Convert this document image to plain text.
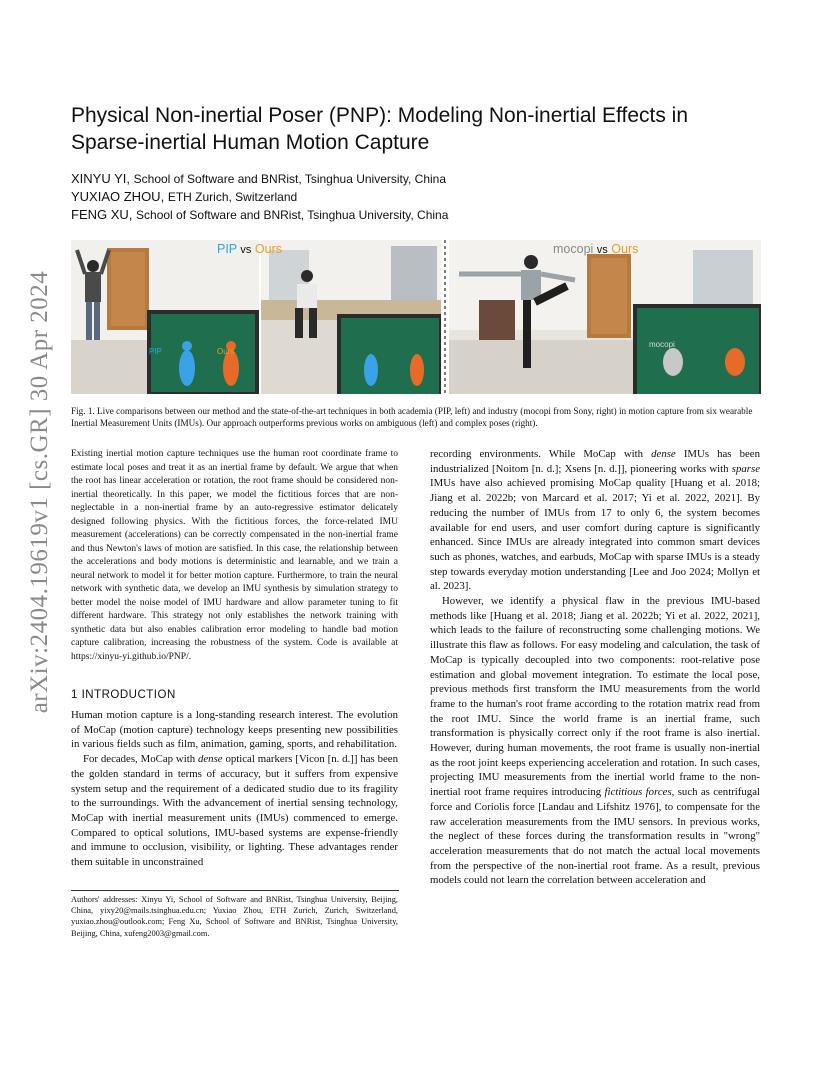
arXiv:2404.19619v1 [cs.GR] 30 Apr 2024
Physical Non-inertial Poser (PNP): Modeling Non-inertial Effects in Sparse-inertial Human Motion Capture
XINYU YI, School of Software and BNRist, Tsinghua University, China
YUXIAO ZHOU, ETH Zurich, Switzerland
FENG XU, School of Software and BNRist, Tsinghua University, China
PIP	Ours
PIP vs Ours
mocopi
mocopi vs Ours
Fig. 1. Live comparisons between our method and the state-of-the-art techniques in both academia (PIP, left) and industry (mocopi from Sony, right) in motion capture from six wearable Inertial Measurement Units (IMUs). Our approach outperforms previous works on ambiguous (left) and complex poses (right).
Existing inertial motion capture techniques use the human root coordinate frame to estimate local poses and treat it as an inertial frame by default. We argue that when the root has linear acceleration or rotation, the root frame should be considered non-inertial theoretically. In this paper, we model the fictitious forces that are non-neglectable in a non-inertial frame by an auto-regressive estimator delicately designed following physics. With the fictitious forces, the force-related IMU measurement (accelerations) can be correctly compensated in the non-inertial frame and thus Newton's laws of motion are satisfied. In this case, the relationship between the accelerations and body motions is deterministic and learnable, and we train a neural network to model it for better motion capture. Furthermore, to train the neural network with synthetic data, we develop an IMU synthesis by simulation strategy to better model the noise model of IMU hardware and allow parameter tuning to fit different hardware. This strategy not only establishes the network training with synthetic data but also enables calibration error modeling to handle bad motion capture calibration, increasing the robustness of the system. Code is available at https://xinyu-yi.github.io/PNP/.
1 INTRODUCTION

Human motion capture is a long-standing research interest. The evolution of MoCap (motion capture) technology keeps presenting new possibilities in various fields such as film, animation, gaming, sports, and rehabilitation.

For decades, MoCap with dense optical markers [Vicon [n. d.]] has been the golden standard in terms of accuracy, but it suffers from expensive system setup and the requirement of a dedicated studio due to its fragility to the surroundings. With the advancement of inertial sensing technology, MoCap with inertial measurement units (IMUs) commenced to emerge. Compared to optical solutions, IMU-based systems are expense-friendly and immune to occlusion, visibility, or lighting. These advantages render them suitable in unconstrained

Authors' addresses: Xinyu Yi, School of Software and BNRist, Tsinghua University, Beijing, China, yixy20@mails.tsinghua.edu.cn; Yuxiao Zhou, ETH Zurich, Zurich, Switzerland, yuxiao.zhou@outlook.com; Feng Xu, School of Software and BNRist, Tsinghua University, Beijing, China, xufeng2003@gmail.com.

recording environments. While MoCap with dense IMUs has been industrialized [Noitom [n. d.]; Xsens [n. d.]], pioneering works with sparse IMUs have also achieved promising MoCap quality [Huang et al. 2018; Jiang et al. 2022b; von Marcard et al. 2017; Yi et al. 2022, 2021]. By reducing the number of IMUs from 17 to only 6, the system becomes available for end users, and user comfort during capture is significantly enhanced. Since IMUs are already integrated into common smart devices such as phones, watches, and earbuds, MoCap with sparse IMUs is a steady step towards everyday motion understanding [Lee and Joo 2024; Mollyn et al. 2023].

However, we identify a physical flaw in the previous IMU-based methods like [Huang et al. 2018; Jiang et al. 2022b; Yi et al. 2022, 2021], which leads to the failure of reconstructing some challenging motions. We illustrate this flaw as follows. For easy modeling and calculation, the task of MoCap is typically decoupled into two components: root-relative pose estimation and global movement integration. To estimate the local pose, previous methods first transform the IMU measurements from the world frame to the human's root frame according to the rotation matrix read from the root IMU. Since the world frame is an inertial frame, such transformation is physically correct only if the root frame is also inertial. However, during human movements, the root frame is usually non-inertial as the root joint keeps experiencing acceleration and rotation. In such cases, projecting IMU measurements from the inertial world frame to the non-inertial root frame requires introducing fictitious forces, such as centrifugal force and Coriolis force [Landau and Lifshitz 1976], to compensate for the raw acceleration measurements from the IMU sensors. In previous works, the neglect of these forces during the transformation results in "wrong" acceleration measurements that do not match the actual local movements from the perspective of the non-inertial root frame. As a result, previous models could not learn the correlation between acceleration and
